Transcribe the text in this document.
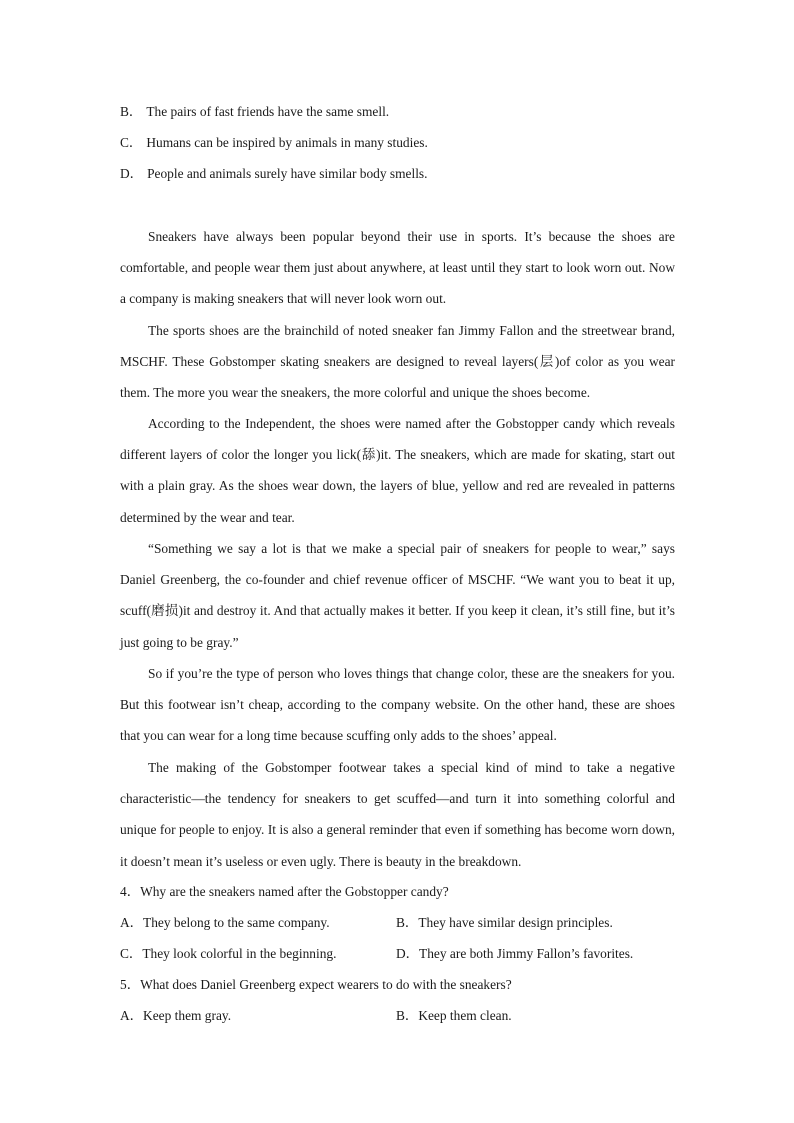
B． The pairs of fast friends have the same smell.
C． Humans can be inspired by animals in many studies.
D． People and animals surely have similar body smells.

Sneakers have always been popular beyond their use in sports. It’s because the shoes are comfortable, and people wear them just about anywhere, at least until they start to look worn out. Now a company is making sneakers that will never look worn out.

The sports shoes are the brainchild of noted sneaker fan Jimmy Fallon and the streetwear brand, MSCHF. These Gobstomper skating sneakers are designed to reveal layers(层)of color as you wear them. The more you wear the sneakers, the more colorful and unique the shoes become.

According to the Independent, the shoes were named after the Gobstopper candy which reveals different layers of color the longer you lick(舔)it. The sneakers, which are made for skating, start out with a plain gray. As the shoes wear down, the layers of blue, yellow and red are revealed in patterns determined by the wear and tear.

“Something we say a lot is that we make a special pair of sneakers for people to wear,” says Daniel Greenberg, the co-founder and chief revenue officer of MSCHF. “We want you to beat it up, scuff(磨损)it and destroy it. And that actually makes it better. If you keep it clean, it’s still fine, but it’s just going to be gray.”

So if you’re the type of person who loves things that change color, these are the sneakers for you. But this footwear isn’t cheap, according to the company website. On the other hand, these are shoes that you can wear for a long time because scuffing only adds to the shoes’ appeal.

The making of the Gobstomper footwear takes a special kind of mind to take a negative characteristic—the tendency for sneakers to get scuffed—and turn it into something colorful and unique for people to enjoy. It is also a general reminder that even if something has become worn down, it doesn’t mean it’s useless or even ugly. There is beauty in the breakdown.

4．Why are the sneakers named after the Gobstopper candy?
A．They belong to the same company.	B．They have similar design principles.
C．They look colorful in the beginning.	D．They are both Jimmy Fallon’s favorites.
5．What does Daniel Greenberg expect wearers to do with the sneakers?
A．Keep them gray.	B．Keep them clean.
